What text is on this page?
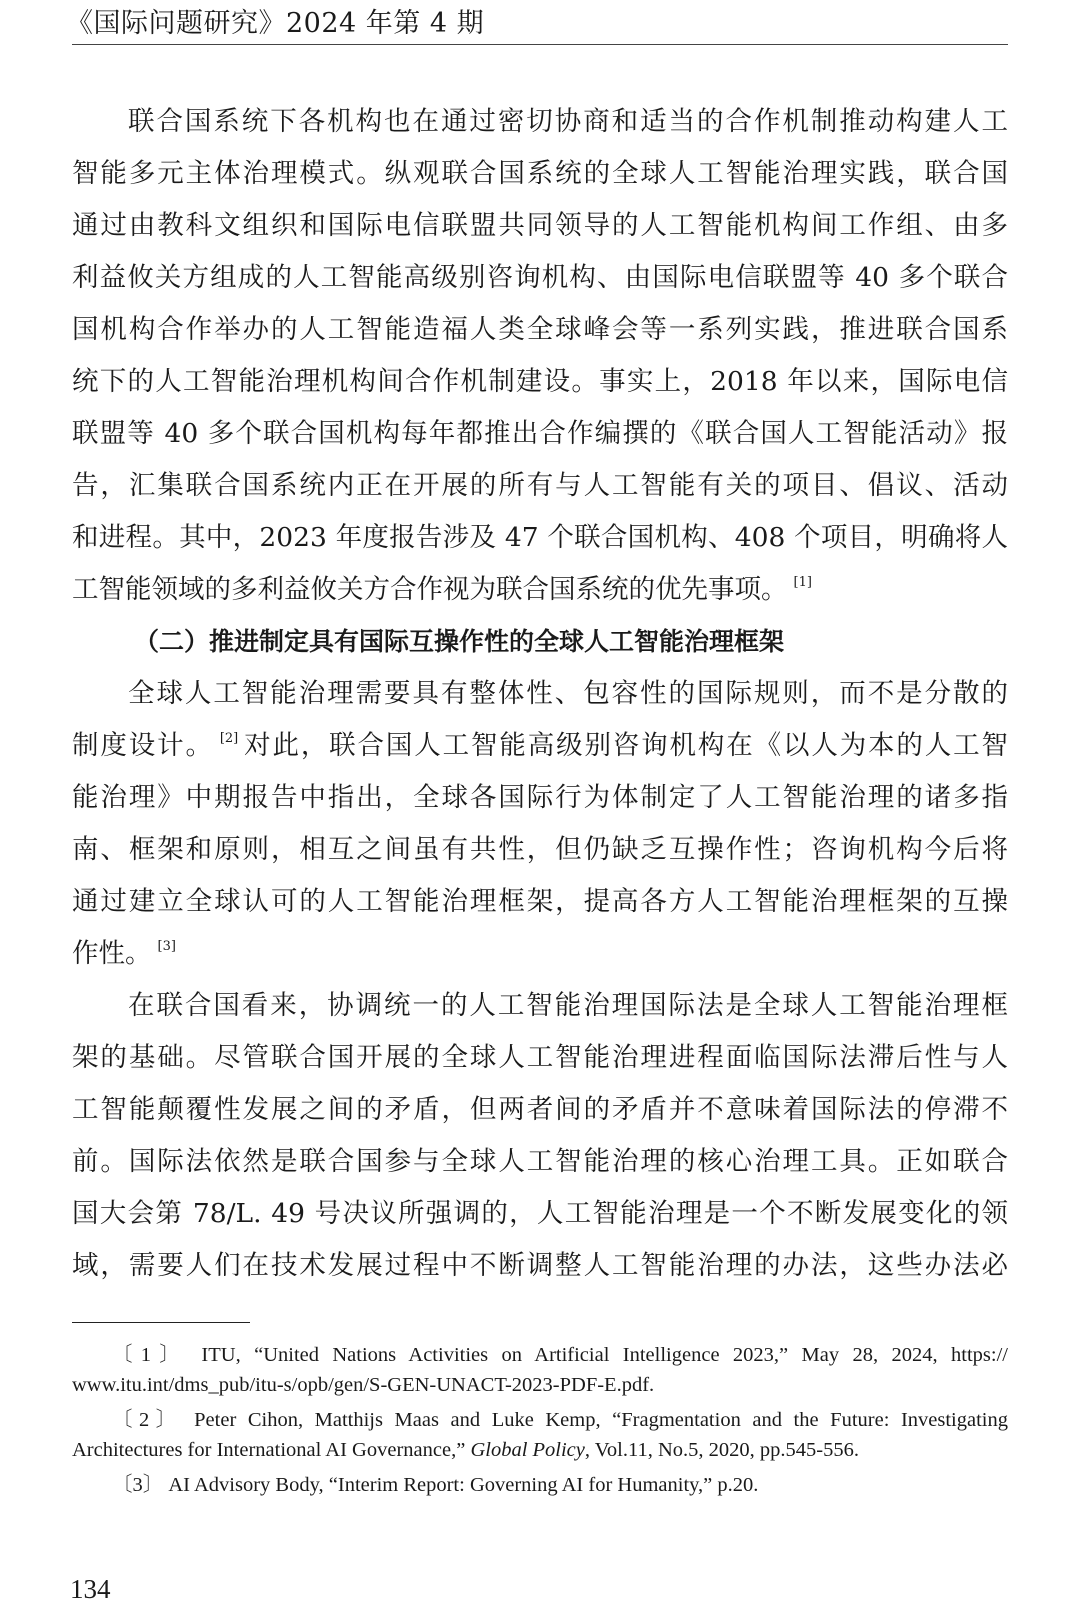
《国际问题研究》2024 年第 4 期
联合国系统下各机构也在通过密切协商和适当的合作机制推动构建人工
智能多元主体治理模式。纵观联合国系统的全球人工智能治理实践，联合国
通过由教科文组织和国际电信联盟共同领导的人工智能机构间工作组、由多
利益攸关方组成的人工智能高级别咨询机构、由国际电信联盟等 40 多个联合
国机构合作举办的人工智能造福人类全球峰会等一系列实践，推进联合国系
统下的人工智能治理机构间合作机制建设。事实上，2018 年以来，国际电信
联盟等 40 多个联合国机构每年都推出合作编撰的《联合国人工智能活动》报
告，汇集联合国系统内正在开展的所有与人工智能有关的项目、倡议、活动
和进程。其中，2023 年度报告涉及 47 个联合国机构、408 个项目，明确将人
工智能领域的多利益攸关方合作视为联合国系统的优先事项。 [1]
（二）推进制定具有国际互操作性的全球人工智能治理框架
全球人工智能治理需要具有整体性、包容性的国际规则，而不是分散的
制度设计。 [2] 对此，联合国人工智能高级别咨询机构在《以人为本的人工智
能治理》中期报告中指出，全球各国际行为体制定了人工智能治理的诸多指
南、框架和原则，相互之间虽有共性，但仍缺乏互操作性；咨询机构今后将
通过建立全球认可的人工智能治理框架，提高各方人工智能治理框架的互操
作性。 [3]
在联合国看来，协调统一的人工智能治理国际法是全球人工智能治理框
架的基础。尽管联合国开展的全球人工智能治理进程面临国际法滞后性与人
工智能颠覆性发展之间的矛盾，但两者间的矛盾并不意味着国际法的停滞不
前。国际法依然是联合国参与全球人工智能治理的核心治理工具。正如联合
国大会第 78/L. 49 号决议所强调的，人工智能治理是一个不断发展变化的领
域，需要人们在技术发展过程中不断调整人工智能治理的办法，这些办法必
〔1〕 ITU, “United Nations Activities on Artificial Intelligence 2023,” May 28, 2024, https://
www.itu.int/dms_pub/itu-s/opb/gen/S-GEN-UNACT-2023-PDF-E.pdf.
〔2〕 Peter Cihon, Matthijs Maas and Luke Kemp, “Fragmentation and the Future: Investigating
Architectures for International AI Governance,” Global Policy, Vol.11, No.5, 2020, pp.545-556.
〔3〕 AI Advisory Body, “Interim Report: Governing AI for Humanity,” p.20.
134
